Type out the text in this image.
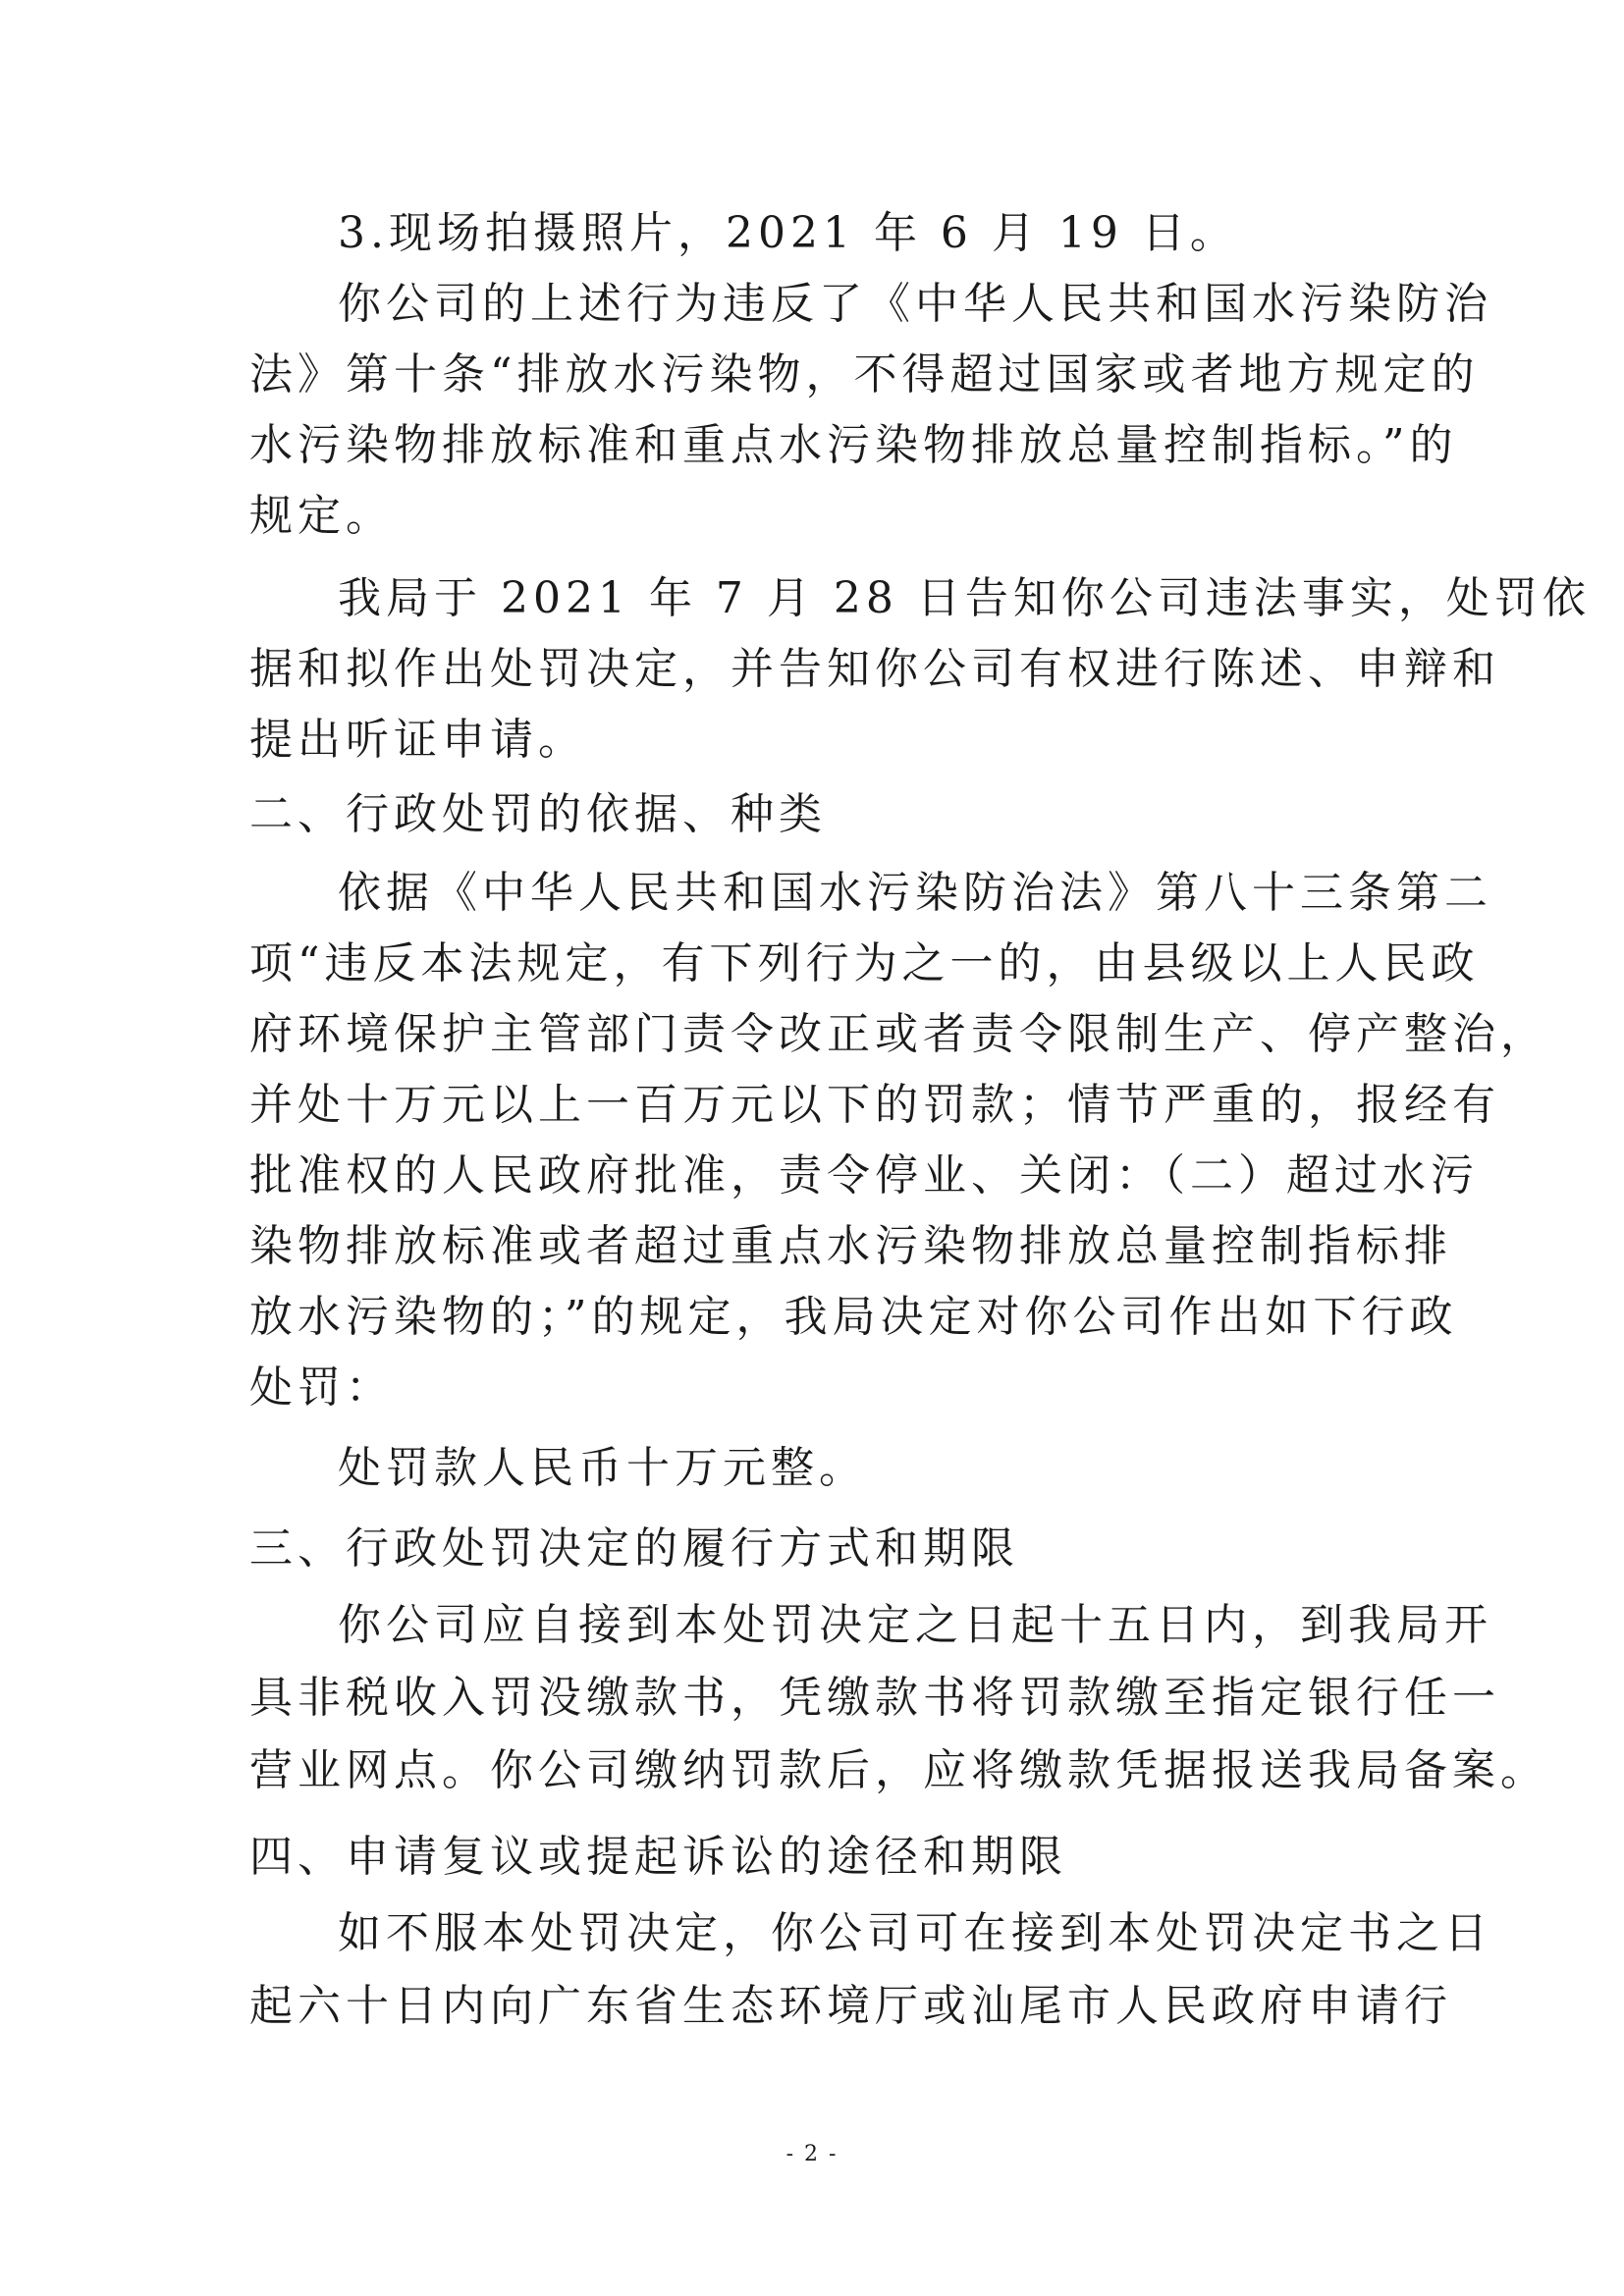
3.现场拍摄照片，2021 年 6 月 19 日。
你公司的上述行为违反了《中华人民共和国水污染防治
法》第十条“排放水污染物，不得超过国家或者地方规定的
水污染物排放标准和重点水污染物排放总量控制指标。”的
规定。
我局于 2021 年 7 月 28 日告知你公司违法事实，处罚依
据和拟作出处罚决定，并告知你公司有权进行陈述、申辩和
提出听证申请。
二、行政处罚的依据、种类
依据《中华人民共和国水污染防治法》第八十三条第二
项“违反本法规定，有下列行为之一的，由县级以上人民政
府环境保护主管部门责令改正或者责令限制生产、停产整治，
并处十万元以上一百万元以下的罚款；情节严重的，报经有
批准权的人民政府批准，责令停业、关闭：（二）超过水污
染物排放标准或者超过重点水污染物排放总量控制指标排
放水污染物的；”的规定，我局决定对你公司作出如下行政
处罚：
处罚款人民币十万元整。
三、行政处罚决定的履行方式和期限
你公司应自接到本处罚决定之日起十五日内，到我局开
具非税收入罚没缴款书，凭缴款书将罚款缴至指定银行任一
营业网点。你公司缴纳罚款后，应将缴款凭据报送我局备案。
四、申请复议或提起诉讼的途径和期限
如不服本处罚决定，你公司可在接到本处罚决定书之日
起六十日内向广东省生态环境厅或汕尾市人民政府申请行
- 2 -
